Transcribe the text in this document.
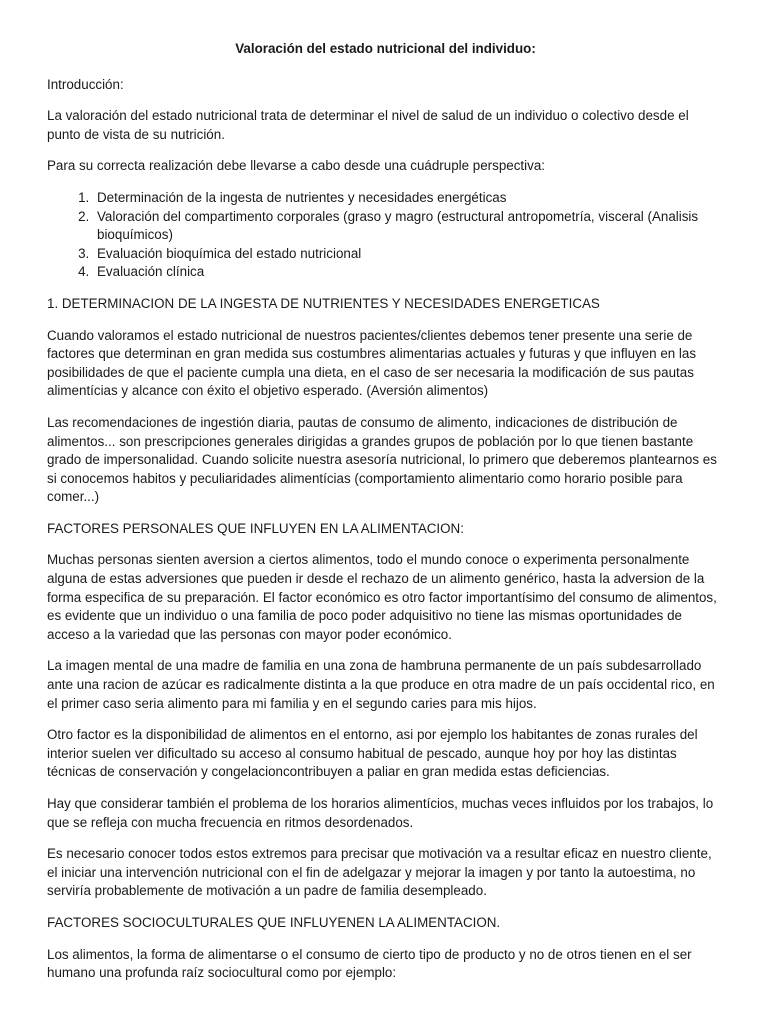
Valoración del estado nutricional del individuo:

Introducción:

La valoración del estado nutricional trata de determinar el nivel de salud de un individuo o colectivo desde el punto de vista de su nutrición.

Para su correcta realización debe llevarse a cabo desde una cuádruple perspectiva:

1. Determinación de la ingesta de nutrientes y necesidades energéticas
2. Valoración del compartimento corporales (graso y magro (estructural antropometría, visceral (Analisis bioquímicos)
3. Evaluación bioquímica del estado nutricional
4. Evaluación clínica

1. DETERMINACION DE LA INGESTA DE NUTRIENTES Y NECESIDADES ENERGETICAS

Cuando valoramos el estado nutricional de nuestros pacientes/clientes debemos tener presente una serie de factores que determinan en gran medida sus costumbres alimentarias actuales y futuras y que influyen en las posibilidades de que el paciente cumpla una dieta, en el caso de ser necesaria la modificación de sus pautas alimentícias y alcance con éxito el objetivo esperado. (Aversión alimentos)

Las recomendaciones de ingestión diaria, pautas de consumo de alimento, indicaciones de distribución de alimentos... son prescripciones generales dirigidas a grandes grupos de población por lo que tienen bastante grado de impersonalidad. Cuando solicite nuestra asesoría nutricional, lo primero que deberemos plantearnos es si conocemos habitos y peculiaridades alimentícias (comportamiento alimentario como horario posible para comer...)

FACTORES PERSONALES QUE INFLUYEN EN LA ALIMENTACION:

Muchas personas sienten aversion a ciertos alimentos, todo el mundo conoce o experimenta personalmente alguna de estas adversiones que pueden ir desde el rechazo de un alimento genérico, hasta la adversion de la forma especifica de su preparación. El factor económico es otro factor importantísimo del consumo de alimentos, es evidente que un individuo o una familia de poco poder adquisitivo no tiene las mismas oportunidades de acceso a la variedad que las personas con mayor poder económico.

La imagen mental de una madre de familia en una zona de hambruna permanente de un país subdesarrollado ante una racion de azúcar es radicalmente distinta a la que produce en otra madre de un país occidental rico, en el primer caso seria alimento para mi familia y en el segundo caries para mis hijos.

Otro factor es la disponibilidad de alimentos en el entorno, asi por ejemplo los habitantes de zonas rurales del interior suelen ver dificultado su acceso al consumo habitual de pescado, aunque hoy por hoy las distintas técnicas de conservación y congelacioncontribuyen a paliar en gran medida estas deficiencias.

Hay que considerar también el problema de los horarios alimentícios, muchas veces influidos por los trabajos, lo que se refleja con mucha frecuencia en ritmos desordenados.

Es necesario conocer todos estos extremos para precisar que motivación va a resultar eficaz en nuestro cliente, el iniciar una intervención nutricional con el fin de adelgazar y mejorar la imagen y por tanto la autoestima, no serviría probablemente de motivación a un padre de familia desempleado.

FACTORES SOCIOCULTURALES QUE INFLUYENEN LA ALIMENTACION.

Los alimentos, la forma de alimentarse o el consumo de cierto tipo de producto y no de otros tienen en el ser humano una profunda raíz sociocultural como por ejemplo:
